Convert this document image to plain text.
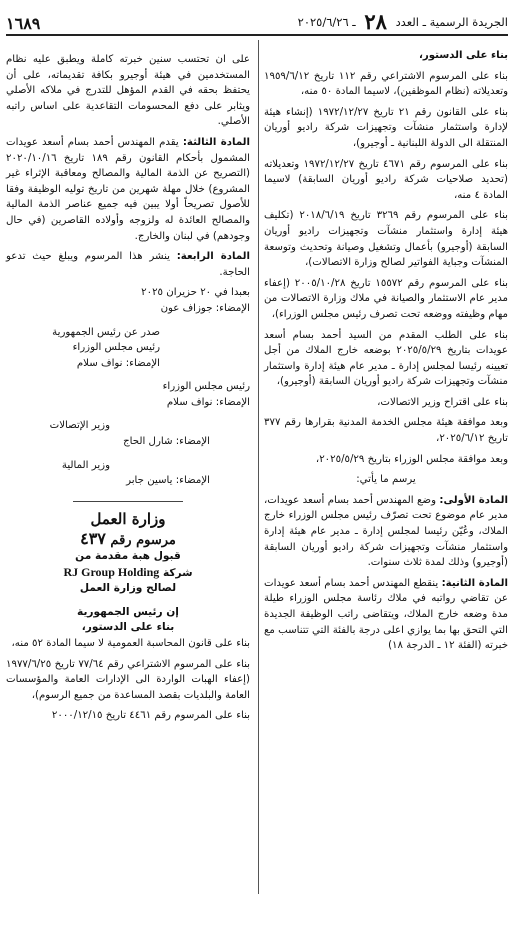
الجريدة الرسمية ـ العدد ٢٨ ـ ٢٠٢٥/٦/٢٦
١٦٨٩

بناء على الدستور،

بناء على المرسوم الاشتراعي رقم ١١٢ تاريخ ١٩٥٩/٦/١٢ وتعديلاته (نظام الموظفين)، لاسيما المادة ٥٠ منه،

بناء على القانون رقم ٢١ تاريخ ١٩٧٢/١٢/٢٧ (إنشاء هيئة لإدارة واستثمار منشآت وتجهيزات شركة راديو أوريان المنتقلة الى الدولة اللبنانية ـ أوجيرو)،

بناء على المرسوم رقم ٤٦٧١ تاريخ ١٩٧٢/١٢/٢٧ وتعديلاته (تحديد صلاحيات شركة راديو أوريان السابقة) لاسيما المادة ٤ منه،

بناء على المرسوم رقم ٣٢٦٩ تاريخ ٢٠١٨/٦/١٩ (تكليف هيئة إدارة واستثمار منشآت وتجهيزات راديو أوريان السابقة (أوجيرو) بأعمال وتشغيل وصيانة وتحديث وتوسعة المنشآت وجباية الفواتير لصالح وزارة الاتصالات)،

بناء على المرسوم رقم ١٥٥٧٢ تاريخ ٢٠٠٥/١٠/٢٨ (إعفاء مدير عام الاستثمار والصيانة في ملاك وزارة الاتصالات من مهام وظيفته ووضعه تحت تصرف رئيس مجلس الوزراء)،

بناء على الطلب المقدم من السيد أحمد بسام أسعد عويدات بتاريخ ٢٠٢٥/٥/٢٩ بوضعه خارج الملاك من أجل تعيينه رئيسا لمجلس إدارة ـ مدير عام هيئة إدارة واستثمار منشآت وتجهيزات شركة راديو أوريان السابقة (أوجيرو)،

بناء على اقتراح وزير الاتصالات،

وبعد موافقة هيئة مجلس الخدمة المدنية بقرارها رقم ٣٧٧ تاريخ ٢٠٢٥/٦/١٢،

وبعد موافقة مجلس الوزراء بتاريخ ٢٠٢٥/٥/٢٩،

يرسم ما يأتي:

المادة الأولى: وضع المهندس أحمد بسام أسعد عويدات، مدير عام موضوع تحت تصرّف رئيس مجلس الوزراء خارج الملاك، وعُيّن رئيسا لمجلس إدارة ـ مدير عام هيئة إدارة واستثمار منشآت وتجهيزات شركة راديو أوريان السابقة (أوجيرو) وذلك لمدة ثلاث سنوات.

المادة الثانية: ينقطع المهندس أحمد بسام أسعد عويدات عن تقاضي رواتبه في ملاك رئاسة مجلس الوزراء طيلة مدة وضعه خارج الملاك، ويتقاضى راتب الوظيفة الجديدة التي التحق بها بما يوازي اعلى درجة بالفئة التي تتناسب مع خبرته (الفئة ١٢ ـ الدرجة ١٨)

على ان تحتسب سنين خبرته كاملة ويطبق عليه نظام المستخدمين في هيئة أوجيرو بكافة تقديماته، على أن يحتفظ بحقه في القدم المؤهل للتدرج في ملاكه الأصلي ويثابر على دفع المحسومات التقاعدية على اساس راتبه الأصلي.

المادة الثالثة: يقدم المهندس أحمد بسام أسعد عويدات المشمول بأحكام القانون رقم ١٨٩ تاريخ ٢٠٢٠/١٠/١٦ (التصريح عن الذمة المالية والمصالح ومعاقبة الإثراء غير المشروع) خلال مهلة شهرين من تاريخ توليه الوظيفة وفقا للأصول تصريحاً أولا يبين فيه جميع عناصر الذمة المالية والمصالح العائدة له ولزوجه وأولاده القاصرين (في حال وجودهم) في لبنان والخارج.

المادة الرابعة: ينشر هذا المرسوم ويبلغ حيث تدعو الحاجة.

بعبدا في ٢٠ حزيران ٢٠٢٥

الإمضاء: جوزاف عون

صدر عن رئيس الجمهورية

رئيس مجلس الوزراء

الإمضاء: نواف سلام

رئيس مجلس الوزراء

الإمضاء: نواف سلام

وزير الإتصالات

الإمضاء: شارل الحاج

وزير المالية

الإمضاء: ياسين جابر

وزارة العمل

مرسوم رقم ٤٣٧

قبول هبة مقدمة من

شركة RJ Group Holding

لصالح وزارة العمل

إن رئيس الجمهورية

بناء على الدستور،

بناء على قانون المحاسبة العمومية لا سيما المادة ٥٢ منه،

بناء على المرسوم الاشتراعي رقم ٧٧/٦٤ تاريخ ١٩٧٧/٦/٢٥ (إعفاء الهبات الواردة الى الإدارات العامة والمؤسسات العامة والبلديات بقصد المساعدة من جميع الرسوم)،

بناء على المرسوم رقم ٤٤٦١ تاريخ ٢٠٠٠/١٢/١٥
